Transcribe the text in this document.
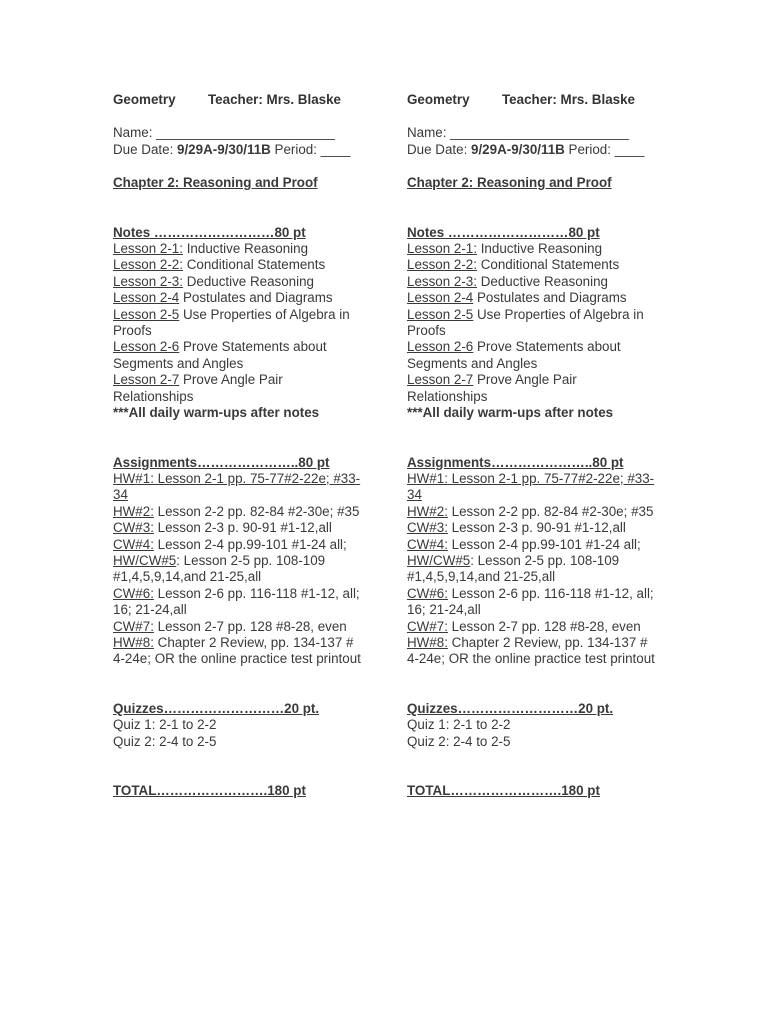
Geometry	Teacher: Mrs. Blaske
Name: ________________________
Due Date: 9/29A-9/30/11B Period: ____
Chapter 2: Reasoning and Proof
Notes ………………………80 pt
Lesson 2-1: Inductive Reasoning
Lesson 2-2: Conditional Statements
Lesson 2-3: Deductive Reasoning
Lesson 2-4 Postulates and Diagrams
Lesson 2-5 Use Properties of Algebra in Proofs
Lesson 2-6 Prove Statements about Segments and Angles
Lesson 2-7 Prove Angle Pair Relationships
***All daily warm-ups after notes
Assignments…………………..80 pt
HW#1: Lesson 2-1 pp. 75-77#2-22e; #33-34
HW#2: Lesson 2-2 pp. 82-84 #2-30e; #35
CW#3: Lesson 2-3 p. 90-91 #1-12,all
CW#4: Lesson 2-4 pp.99-101 #1-24 all;
HW/CW#5: Lesson 2-5 pp. 108-109 #1,4,5,9,14,and 21-25,all
CW#6: Lesson 2-6 pp. 116-118 #1-12, all; 16; 21-24,all
CW#7: Lesson 2-7 pp. 128 #8-28, even
HW#8: Chapter 2 Review, pp. 134-137 # 4-24e; OR the online practice test printout
Quizzes………………………20 pt.
Quiz 1: 2-1 to 2-2
Quiz 2: 2-4 to 2-5
TOTAL…………………….180 pt
Geometry	Teacher: Mrs. Blaske
Name: ________________________
Due Date: 9/29A-9/30/11B Period: ____
Chapter 2: Reasoning and Proof
Notes ………………………80 pt
Lesson 2-1: Inductive Reasoning
Lesson 2-2: Conditional Statements
Lesson 2-3: Deductive Reasoning
Lesson 2-4 Postulates and Diagrams
Lesson 2-5 Use Properties of Algebra in Proofs
Lesson 2-6 Prove Statements about Segments and Angles
Lesson 2-7 Prove Angle Pair Relationships
***All daily warm-ups after notes
Assignments…………………..80 pt
HW#1: Lesson 2-1 pp. 75-77#2-22e; #33-34
HW#2: Lesson 2-2 pp. 82-84 #2-30e; #35
CW#3: Lesson 2-3 p. 90-91 #1-12,all
CW#4: Lesson 2-4 pp.99-101 #1-24 all;
HW/CW#5: Lesson 2-5 pp. 108-109 #1,4,5,9,14,and 21-25,all
CW#6: Lesson 2-6 pp. 116-118 #1-12, all; 16; 21-24,all
CW#7: Lesson 2-7 pp. 128 #8-28, even
HW#8: Chapter 2 Review, pp. 134-137 # 4-24e; OR the online practice test printout
Quizzes………………………20 pt.
Quiz 1: 2-1 to 2-2
Quiz 2: 2-4 to 2-5
TOTAL…………………….180 pt
